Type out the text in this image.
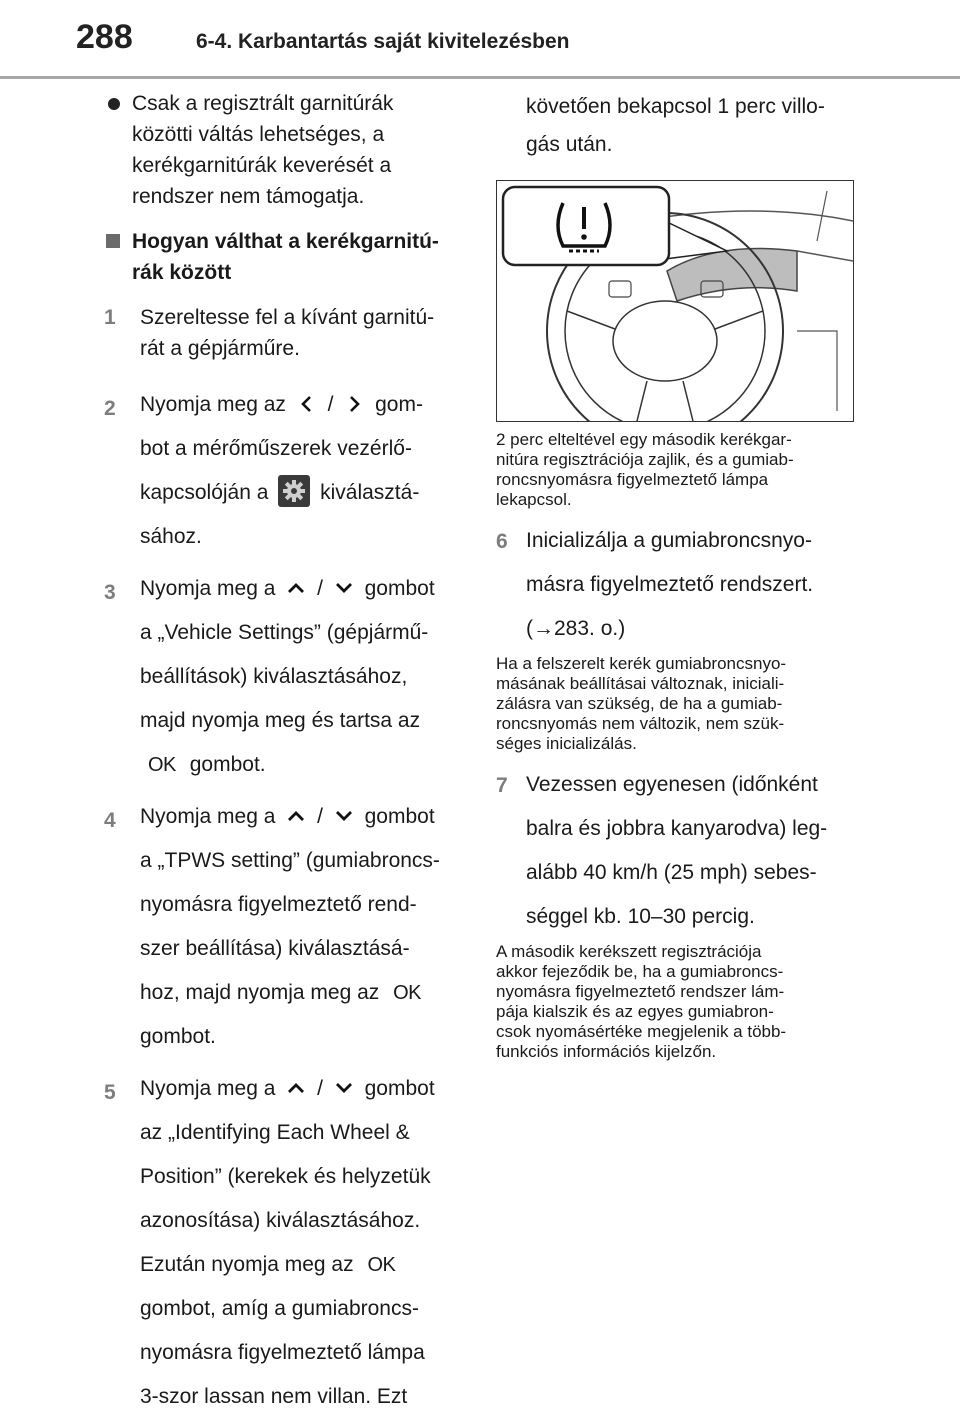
288	6-4. Karbantartás saját kivitelezésben
Csak a regisztrált garnitúrák
közötti váltás lehetséges, a
kerékgarnitúrák keverését a
rendszer nem támogatja.
Hogyan válthat a kerékgarnitú-
rák között
1 Szereltesse fel a kívánt garnitú-
rát a gépjárműre.
2 Nyomja meg az / gom-
bot a mérőműszerek vezérlő-
kapcsolóján a kiválasztá-
sához.
3 Nyomja meg a / gombot
a „Vehicle Settings” (gépjármű-
beállítások) kiválasztásához,
majd nyomja meg és tartsa az
OK gombot.
4 Nyomja meg a / gombot
a „TPWS setting” (gumiabroncs-
nyomásra figyelmeztető rend-
szer beállítása) kiválasztásá-
hoz, majd nyomja meg az OK
gombot.
5 Nyomja meg a / gombot
az „Identifying Each Wheel &
Position” (kerekek és helyzetük
azonosítása) kiválasztásához.
Ezután nyomja meg az OK
gombot, amíg a gumiabroncs-
nyomásra figyelmeztető lámpa
3-szor lassan nem villan. Ezt
követően bekapcsol 1 perc villo-
gás után.
2 perc elteltével egy második kerékgar-
nitúra regisztrációja zajlik, és a gumiab-
roncsnyomásra figyelmeztető lámpa
lekapcsol.
6 Inicializálja a gumiabroncsnyo-
másra figyelmeztető rendszert.
(→283. o.)
Ha a felszerelt kerék gumiabroncsnyo-
másának beállításai változnak, iniciali-
zálásra van szükség, de ha a gumiab-
roncsnyomás nem változik, nem szük-
séges inicializálás.
7 Vezessen egyenesen (időnként
balra és jobbra kanyarodva) leg-
alább 40 km/h (25 mph) sebes-
séggel kb. 10–30 percig.
A második kerékszett regisztrációja
akkor fejeződik be, ha a gumiabroncs-
nyomásra figyelmeztető rendszer lám-
pája kialszik és az egyes gumiabron-
csok nyomásértéke megjelenik a több-
funkciós információs kijelzőn.
